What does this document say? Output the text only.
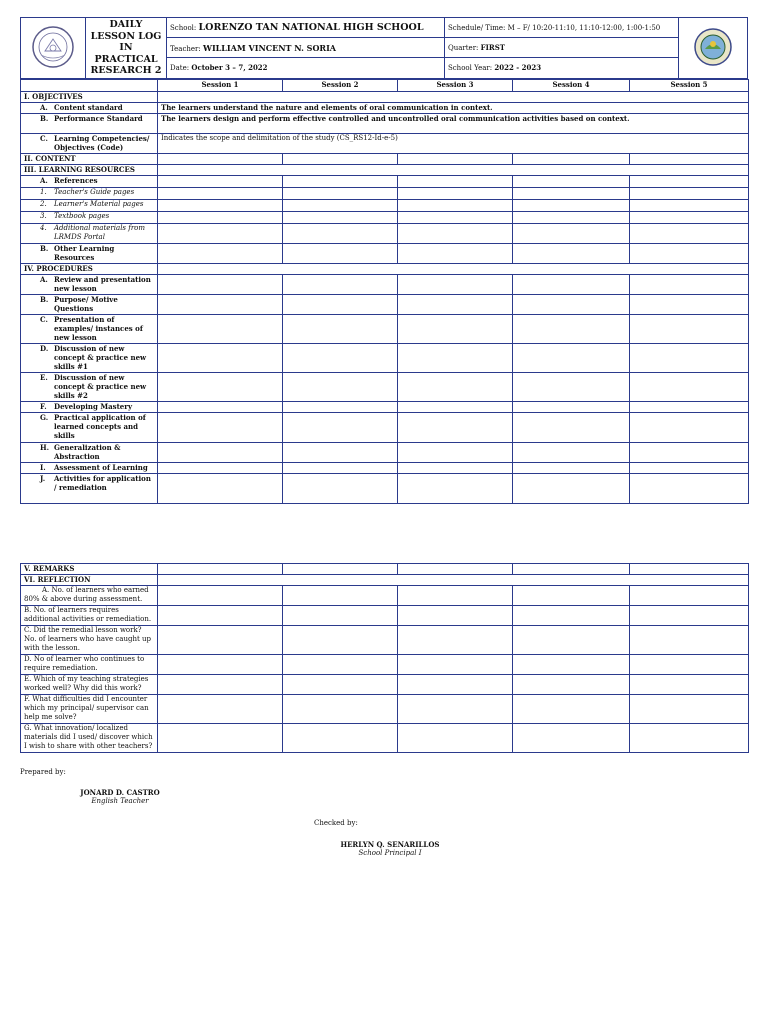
	DAILY LESSON LOG IN PRACTICAL RESEARCH 2	School: LORENZO TAN NATIONAL HIGH SCHOOL	Schedule/ Time: M – F/ 10:20-11:10, 11:10-12:00, 1:00-1:50	
		Teacher: WILLIAM VINCENT N. SORIA	Quarter: FIRST	
		Date: October 3 – 7, 2022	School Year: 2022 - 2023	
	Session 1	Session 2	Session 3	Session 4	Session 5
I. OBJECTIVES					

A. Content standard	The learners understand the nature and elements of oral communication in context.				

B. Performance Standard	The learners design and perform effective controlled and uncontrolled oral communication activities based on context.				

C. Learning Competencies/ Objectives (Code)	Indicates the scope and delimitation of the study (CS_RS12-Id-e-5)				
II. CONTENT					
III. LEARNING RESOURCES					

A. References					

1. Teacher's Guide pages					

2. Learner's Material pages					

3. Textbook pages					

4. Additional materials from LRMDS Portal					

B. Other Learning Resources					

IV. PROCEDURES					

A. Review and presentation new lesson					

B. Purpose/ Motive Questions					

C. Presentation of examples/ instances of new lesson					

D. Discussion of new concept & practice new skills #1					

E. Discussion of new concept & practice new skills #2					

F. Developing Mastery					

G. Practical application of learned concepts and skills					

H. Generalization & Abstraction					

I. Assessment of Learning					

J. Activities for application / remediation					

V. REMARKS					
VI. REFLECTION					
A. No. of learners who earned 80% & above during assessment.					
B. No. of learners requires additional activities or remediation.					
C. Did the remedial lesson work? No. of learners who have caught up with the lesson.					
D. No of learner who continues to require remediation.					
E. Which of my teaching strategies worked well? Why did this work?					
F. What difficulties did I encounter which my principal/ supervisor can help me solve?					
G. What innovation/ localized materials did I used/ discover which I wish to share with other teachers?					
Prepared by:
JONARD D. CASTRO
English Teacher
Checked by:
HERLYN Q. SENARILLOS
School Principal I
